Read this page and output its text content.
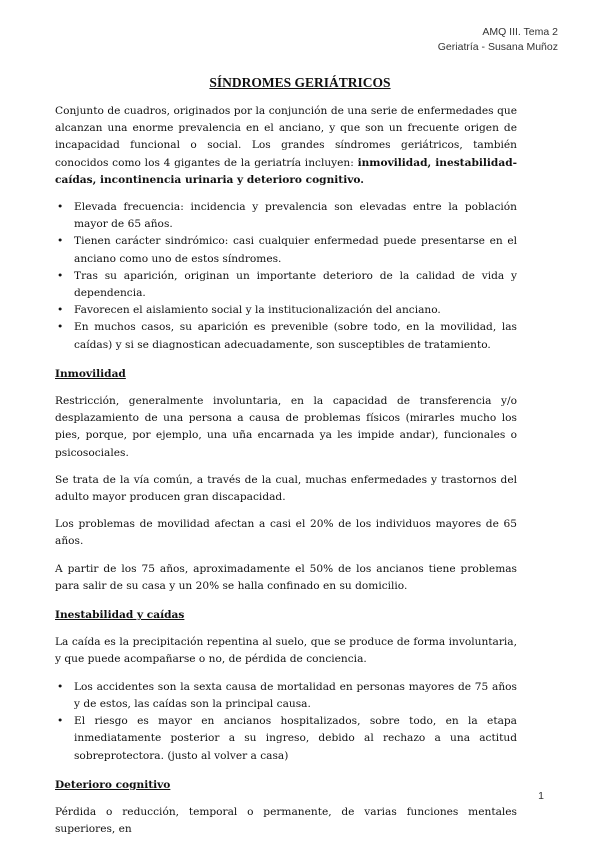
AMQ III. Tema 2
Geriatría - Susana Muñoz
SÍNDROMES GERIÁTRICOS

Conjunto de cuadros, originados por la conjunción de una serie de enfermedades que alcanzan una enorme prevalencia en el anciano, y que son un frecuente origen de incapacidad funcional o social. Los grandes síndromes geriátricos, también conocidos como los 4 gigantes de la geriatría incluyen: inmovilidad, inestabilidad-caídas, incontinencia urinaria y deterioro cognitivo.

• Elevada frecuencia: incidencia y prevalencia son elevadas entre la población mayor de 65 años.
• Tienen carácter sindrómico: casi cualquier enfermedad puede presentarse en el anciano como uno de estos síndromes.
• Tras su aparición, originan un importante deterioro de la calidad de vida y dependencia.
• Favorecen el aislamiento social y la institucionalización del anciano.
• En muchos casos, su aparición es prevenible (sobre todo, en la movilidad, las caídas) y si se diagnostican adecuadamente, son susceptibles de tratamiento.

Inmovilidad

Restricción, generalmente involuntaria, en la capacidad de transferencia y/o desplazamiento de una persona a causa de problemas físicos (mirarles mucho los pies, porque, por ejemplo, una uña encarnada ya les impide andar), funcionales o psicosociales.

Se trata de la vía común, a través de la cual, muchas enfermedades y trastornos del adulto mayor producen gran discapacidad.

Los problemas de movilidad afectan a casi el 20% de los individuos mayores de 65 años.

A partir de los 75 años, aproximadamente el 50% de los ancianos tiene problemas para salir de su casa y un 20% se halla confinado en su domicilio.

Inestabilidad y caídas

La caída es la precipitación repentina al suelo, que se produce de forma involuntaria, y que puede acompañarse o no, de pérdida de conciencia.

• Los accidentes son la sexta causa de mortalidad en personas mayores de 75 años y de estos, las caídas son la principal causa.
• El riesgo es mayor en ancianos hospitalizados, sobre todo, en la etapa inmediatamente posterior a su ingreso, debido al rechazo a una actitud sobreprotectora. (justo al volver a casa)

Deterioro cognitivo

Pérdida o reducción, temporal o permanente, de varias funciones mentales superiores, en

1
